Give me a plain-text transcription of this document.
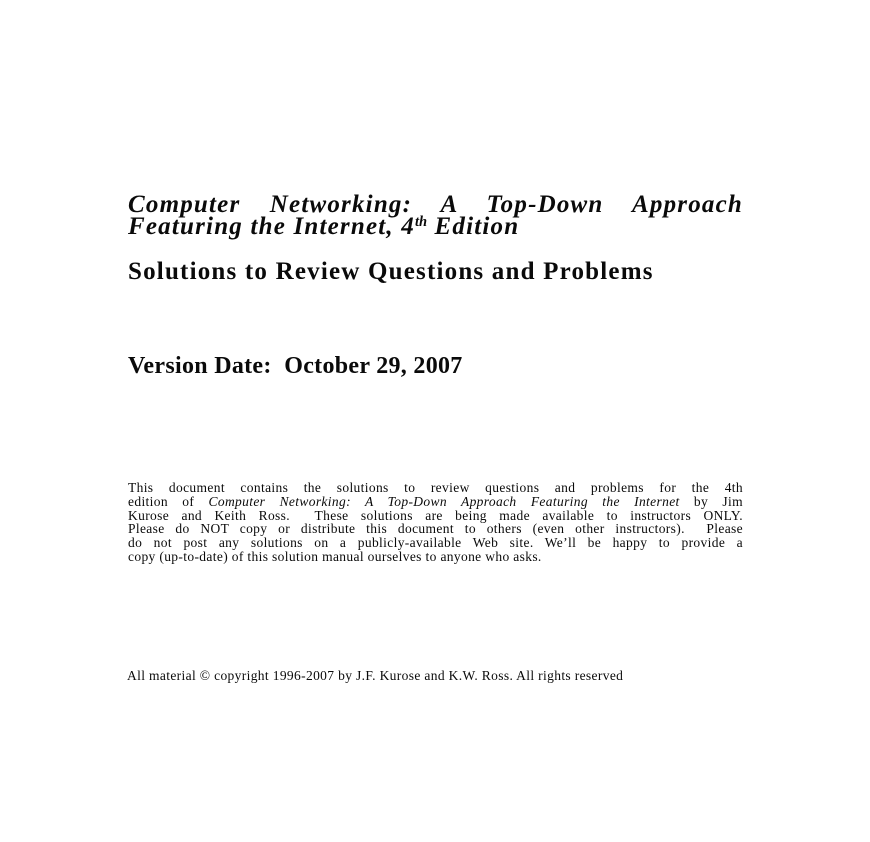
Computer Networking: A Top-Down Approach
Featuring the Internet, 4th Edition
Solutions to Review Questions and Problems
Version Date:  October 29, 2007
This document contains the solutions to review questions and problems for the 4th
edition of Computer Networking: A Top-Down Approach Featuring the Internet by Jim
Kurose and Keith Ross.  These solutions are being made available to instructors ONLY.
Please do NOT copy or distribute this document to others (even other instructors).  Please
do not post any solutions on a publicly-available Web site. We’ll be happy to provide a
copy (up-to-date) of this solution manual ourselves to anyone who asks.
All material © copyright 1996-2007 by J.F. Kurose and K.W. Ross. All rights reserved
